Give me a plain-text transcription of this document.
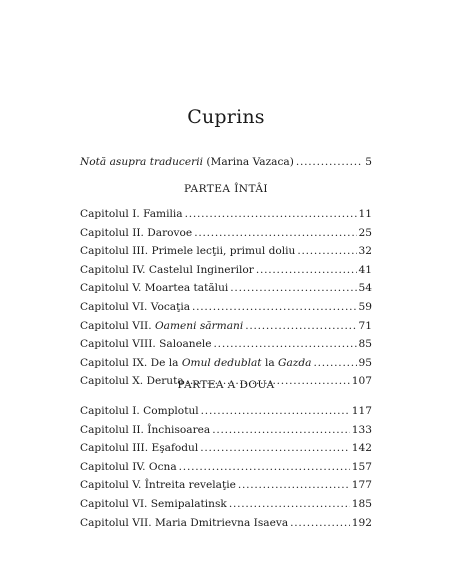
Cuprins
Notă asupra traducerii (Marina Vazaca) . . .	5
PARTEA ÎNTÂI
Capitolul I. Familia . . .	11
Capitolul II. Darovoe . . .	25
Capitolul III. Primele lecţii, primul doliu . . .	32
Capitolul IV. Castelul Inginerilor . . .	41
Capitolul V. Moartea tatălui . . .	54
Capitolul VI. Vocaţia . . .	59
Capitolul VII. Oameni sărmani . . .	71
Capitolul VIII. Saloanele . . .	85
Capitolul IX. De la Omul dedublat la Gazda . . .	95
Capitolul X. Deruta . . .	107
PARTEA A DOUA
Capitolul I. Complotul . . .	117
Capitolul II. Închisoarea . . .	133
Capitolul III. Eşafodul . . .	142
Capitolul IV. Ocna . . .	157
Capitolul V. Întreita revelaţie . . .	177
Capitolul VI. Semipalatinsk . . .	185
Capitolul VII. Maria Dmitrievna Isaeva . . .	192
